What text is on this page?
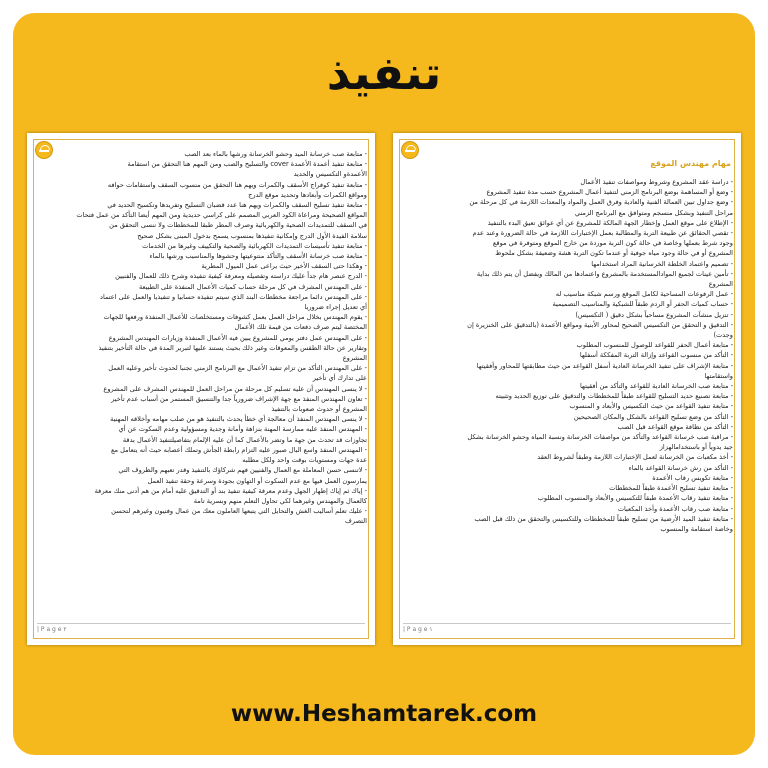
تنفيذ
- متابعة صب خرسانة الميد وحشو الخرسانة ورشها بالماء بعد الصب
- متابعة تنفيذ أعمدة الأعمدة cover والتسليح والصب ومن المهم هنا التحقق من استقامة
الأعمدةو التكسيس والحديد
- متابعة تنفيذ كوفراج الأسقف والكمرات ويهم هنا التحقق من منسوب السقف واستقامات حوافه
ومواقع الكمرات وأبعادها وتحديد موقع الدرج
- متابعة تنفيذ تسليح السقف والكمرات ويهم هنا عدد قضبان التسليح وتفريدها وتكسيح الحديد في
المواقع الصحيحة ومراعاة الكود العربي المصمم على كراسي حديدية ومن المهم أيضا التأكد من عمل فتحات
في السقف للتمديدات الصحية والكهربائية وصرف المطر طبقا للمخططات ولا ننسى التحقق من
سلامة الفيدة الأول الدرج وإمكانية تنفيذها بمنسوب يسمح بدخول المبنى بشكل صحيح
- متابعة تنفيذ تأسيسات التمديدات الكهربائية والصحية والتكييف وغيرها من الخدمات
- متابعة صب خرسانة الأسقف والتأكد منتوعيتها وحشوها والمناسيب ورشها بالماء
- وهكذا حتى السقف الأخير حيث يراعى عمل الميول المطرية
- الدرج عنصر هام جداً عليك دراسته وتفصيله ومعرفة كيفية تنفيذه وشرح ذلك للعمال والفنيين
- على المهندس المشرف في كل مرحلة حساب كميات الأعمال المنفذة على الطبيعة
- على المهندس دائما مراجعة مخططات البند الذي سيتم تنفيذه حسابيا و تنفيذيا والعمل على اعتماد
أي تعديل إجراء ضروريا
- يقوم المهندس بخلال مراحل العمل بعمل كشوفات ومستخلصات للأعمال المنفذة ورفعها للجهات
المختصة ليتم صرف دفعات من قيمة تلك الأعمال
- على المهندس عمل دفتر يومي للمشروع يبين فيه الأعمال المنفذة وزيارات المهندس المشروع
وتقارير عن حالة الطقس والمعوقات وغير ذلك بحيث يستند عليها لتبرير المدة في حالة التأخير بتنفيذ
المشروع
- على المهندس التأكد من تزام تنفيذ الأعمال مع البرنامج الزمني تجنبا لحدوث تأخير وعليه العمل
على تدارك أي تأخير
- لا ينسى المهندس أن عليه تسليم كل مرحلة من مراحل العمل للمهندس المشرف على المشروع
- تعاون المهندس المنفذ مع جهة الإشراف ضرورياً جدا والتنسيق المستمر من أسباب عدم تأخير
المشروع أو حدوث صعوبات بالتنفيذ
- لا ينسى المهندس المنفذ أن معالجة أي خطأ يحدث بالتنفيذ هو من صلب مهامه وأخلاقه المهنية
- المهندس المنفذ عليه ممارسة المهنة بنزاهة وأمانة وجدية ومسؤولية وعدم السكوت عن أي
تجاوزات قد تحدث من جهة ما وتضر بالأعمال كما أن عليه الإلمام بتفاصيلتنفيذ الأعمال بدقة
- المهندس المنفذ واسع البال صبور عليه التزام رابطة الجأش وتملك أعصابه حيث أنه يتعامل مع
عدة جهات ومستويات بوقت واحد ولكل مطلبه
- لاتنسى حسن المعاملة مع العمال والفنيين فهم شركاؤك بالتنفيذ وقدر تعبهم والظروف التي
يمارسون العمل فيها مع عدم السكوت أو التهاون بجودة وسرعة وحقة تنفيذ العمل
- إياك ثم إياك إظهار الجهل وعدم معرفة كيفية تنفيذ بند أو التدقيق عليه أمام من هم أدنى منك معرفة
كالعمال والمهندس وغيرهما لكي تحاول التعلم منهم وبسرية تامة
- عليك تعلم أساليب الغش والتحايل التي يتبعها العاملون معك من عمال وفنيون وغيرهم لتحسن
التصرف
| P a g e ٢
مهام مهندس الموقع
- دراسة عقد المشروع وشروط ومواصفات تنفيذ الأعمال
- وضع أو المساهمة بوضع البرنامج الزمني لتنفيذ أعمال المشروع حسب مدة تنفيذ المشروع
- وضع جداول تبين العمالة الفنية والعادية وفرق العمل والمواد والمعدات اللازمة في كل مرحلة من
مراحل التنفيذ وبشكل منسجم ومتوافق مع البرنامج الزمني
- الإطلاع على موقع العمل وإخطار الجهة المالكة للمشروع عن أي عوائق تعيق البدء بالتنفيذ
- تقصي الحقائق عن طبيعة التربة والمطالبة بعمل الإختبارات اللازمة في حالة الضرورة وعند عدم
وجود شرط بعملها وخاصة في حالة كون التربة موردة من خارج الموقع ومتوفرة في موقع
المشروع أو في حالة وجود مياه جوفية أو عندما تكون التربة هشة وضعيفة بشكل ملحوظ
- تصميم واعتماد الخلطة الخرسانية المراد استخدامها
- تأمين عينات لجميع الموادالمستخدمة بالمشروع واعتمادها من المالك ويفضل أن يتم ذلك بداية
المشروع
- عمل الرفوعات المساحية لكامل الموقع ورسم شبكة مناسيب له
- حساب كميات الحفر أو الردم طبقاً للشبكية والمناسيب التصميمية
- تنزيل منشآت المشروع مساحياً بشكل دقيق ( التكسيس)
- التدقيق و التحقق من التكسيس الصحيح لمحاور الأبنية ومواقع الأعمدة (بالتدقيق على الخنزيرة إن
وجدت)
- متابعة أعمال الحفر للقواعد للوصول للمنسوب المطلوب
- التأكد من منسوب القواعد وإزالة التربة المفككة أسفلها
- متابعة الإشراف على تنفيذ الخرسانة العادية أسفل القواعد من حيث مطابقتها للمحاور وأفقيتها
واستقامتها
- متابعة صب الخرسانة العادية للقواعد والتأكد من أفقيتها
- متابعة تصنيع حديد التسليح للقواعد طبقاً للمخططات والتدقيق على توزيع الحديد وتثبيته
- متابعة تنفيذ القواعد من حيث التكسيس والأبعاد و المنسوب
- التأكد من وضع تسليح القواعد بالشكل والمكان الصحيحين
- التأكد من نظافة موقع القواعد قبل الصب
- مراقبة صب خرسانة القواعد والتأكد من مواصفات الخرسانة ونسبة المياه وحشو الخرسانة بشكل
جيد يدوياً أو باستخدامالهزاز
- أخذ مكعبات من الخرسانة لعمل الإختبارات اللازمة وطبقاً لشروط العقد
- التأكد من رش خرسانة القواعد بالماء
- متابعة تكويس رقاب الأعمدة
- متابعة تنفيذ تسليح الأعمدة طبقاً للمخططات
- متابعة تنفيذ رقاب الأعمدة طبقاً للتكسيس والأبعاد والمنسوب المطلوب
- متابعة صب رقاب الأعمدة وأخذ المكعبات
- متابعة تنفيذ الميد الأرضية من تسليح طبقاً للمخططات وللتكسيس والتحقق من ذلك قبل الصب
وخاصة استقامة والمنسوب
| P a g e ١
www.Heshamtarek.com
